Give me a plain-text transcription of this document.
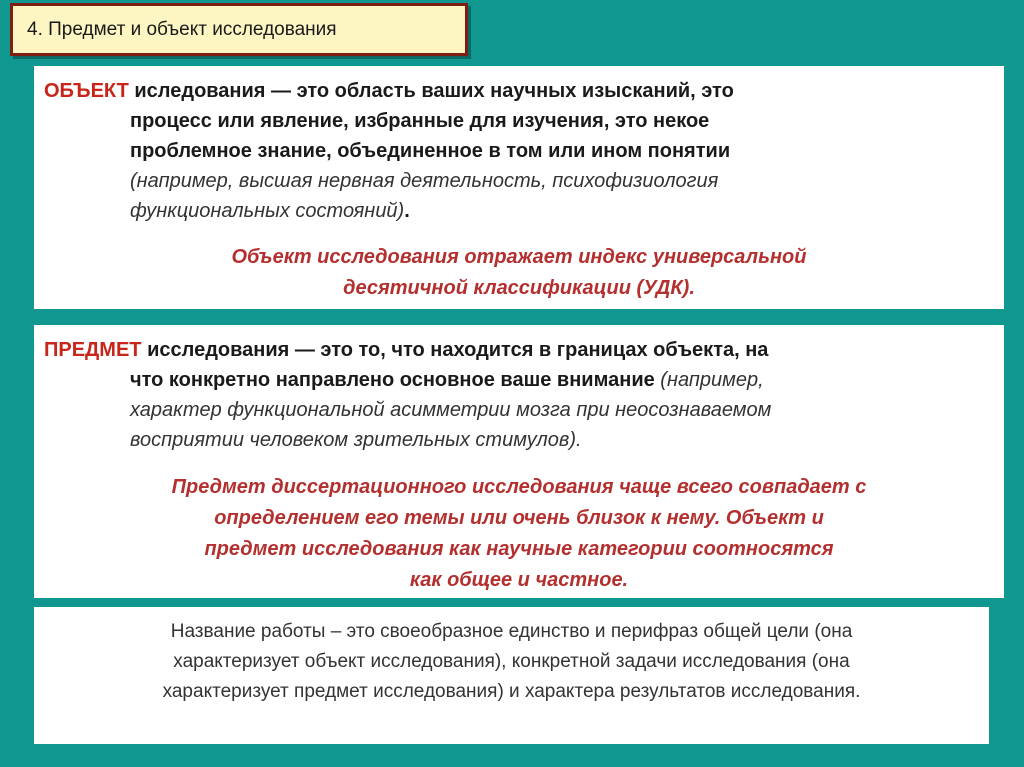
4. Предмет и объект исследования
ОБЪЕКТ иследования — это область ваших научных изысканий, это
процесс или явление, избранные для изучения, это некое
проблемное знание, объединенное в том или ином понятии
(например, высшая нервная деятельность, психофизиология
функциональных состояний).
Объект исследования отражает индекс универсальной
десятичной классификации (УДК).
ПРЕДМЕТ исследования — это то, что находится в границах объекта, на
что конкретно направлено основное ваше внимание (например,
характер функциональной асимметрии мозга при неосознаваемом
восприятии человеком зрительных стимулов).
Предмет диссертационного исследования чаще всего совпадает с
определением его темы или очень близок к нему. Объект и
предмет исследования как научные категории соотносятся
как общее и частное.
Название работы – это своеобразное единство и перифраз общей цели (она
характеризует объект исследования), конкретной задачи исследования (она
характеризует предмет исследования) и характера результатов исследования.
